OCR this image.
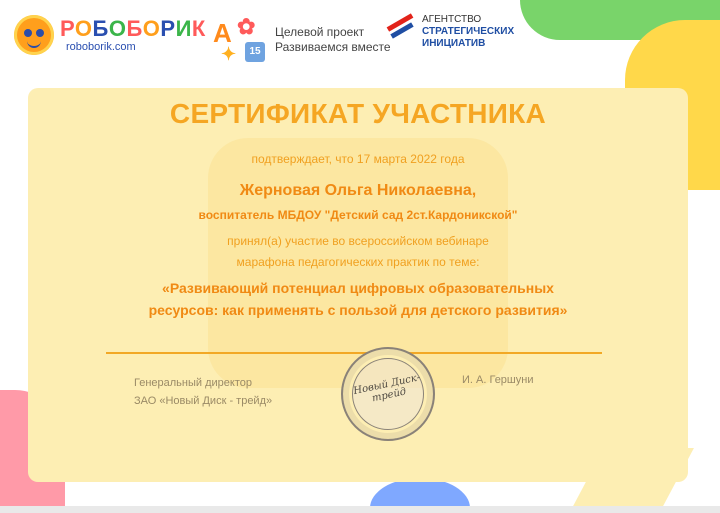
РОБОБОРИК
roboborik.com	А ✿
✦	15
Целевой проект
Развиваемся вместе
АГЕНТСТВО
СТРАТЕГИЧЕСКИХ
ИНИЦИАТИВ
СЕРТИФИКАТ УЧАСТНИКА
подтверждает, что 17 марта 2022 года
Жерновая Ольга Николаевна,
воспитатель МБДОУ "Детский сад 2ст.Кардоникской"
принял(а) участие во всероссийском вебинаре
марафона педагогических практик по теме:
«Развивающий потенциал цифровых образовательных
ресурсов: как применять с пользой для детского развития»
Генеральный директор
ЗАО «Новый Диск - трейд»
И. А. Гершуни
Новый Диск-трейд
